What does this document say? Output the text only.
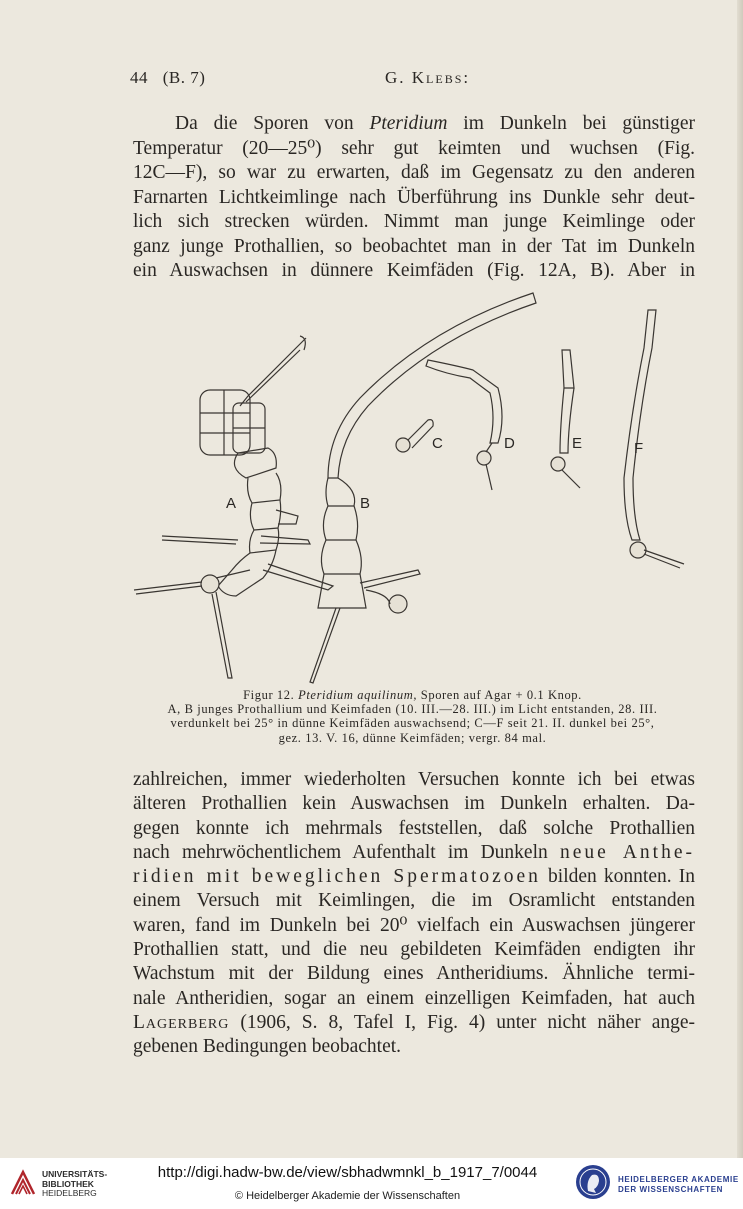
44 (B. 7)	G. Klebs:
Da die Sporen von Pteridium im Dunkeln bei günstiger
Temperatur (20—25⁰) sehr gut keimten und wuchsen (Fig.
12C—F), so war zu erwarten, daß im Gegensatz zu den anderen
Farnarten Lichtkeimlinge nach Überführung ins Dunkle sehr deut-
lich sich strecken würden. Nimmt man junge Keimlinge oder
ganz junge Prothallien, so beobachtet man in der Tat im Dunkeln
ein Auswachsen in dünnere Keimfäden (Fig. 12A, B). Aber in
A	B
C	D	E	F
Figur 12. Pteridium aquilinum, Sporen auf Agar + 0.1 Knop.
A, B junges Prothallium und Keimfaden (10. III.—28. III.) im Licht entstanden, 28. III.
verdunkelt bei 25° in dünne Keimfäden auswachsend; C—F seit 21. II. dunkel bei 25°,
gez. 13. V. 16, dünne Keimfäden; vergr. 84 mal.
zahlreichen, immer wiederholten Versuchen konnte ich bei etwas
älteren Prothallien kein Auswachsen im Dunkeln erhalten. Da-
gegen konnte ich mehrmals feststellen, daß solche Prothallien
nach mehrwöchentlichem Aufenthalt im Dunkeln neue Anthe-
ridien mit beweglichen Spermatozoen bilden konnten. In
einem Versuch mit Keimlingen, die im Osramlicht entstanden
waren, fand im Dunkeln bei 20⁰ vielfach ein Auswachsen jüngerer
Prothallien statt, und die neu gebildeten Keimfäden endigten ihr
Wachstum mit der Bildung eines Antheridiums. Ähnliche termi-
nale Antheridien, sogar an einem einzelligen Keimfaden, hat auch
Lagerberg (1906, S. 8, Tafel I, Fig. 4) unter nicht näher ange-
gebenen Bedingungen beobachtet.
UNIVERSITÄTS-
BIBLIOTHEK
HEIDELBERG
http://digi.hadw-bw.de/view/sbhadwmnkl_b_1917_7/0044
© Heidelberger Akademie der Wissenschaften
HEIDELBERGER AKADEMIE
DER WISSENSCHAFTEN
